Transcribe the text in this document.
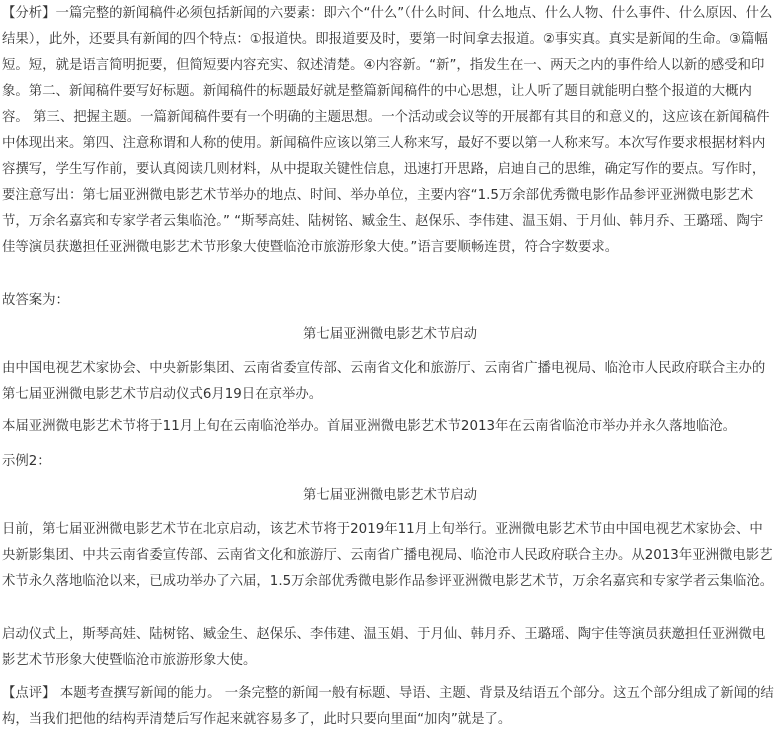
【分析】一篇完整的新闻稿件必须包括新闻的六要素：即六个“什么”（什么时间、什么地点、什么人物、什么事件、什么原因、什么结果），此外，还要具有新闻的四个特点：①报道快。即报道要及时，要第一时间拿去报道。②事实真。真实是新闻的生命。③篇幅短。短，就是语言简明扼要，但简短要内容充实、叙述清楚。④内容新。“新”，指发生在一、两天之内的事件给人以新的感受和印象。第二、新闻稿件要写好标题。新闻稿件的标题最好就是整篇新闻稿件的中心思想，让人听了题目就能明白整个报道的大概内容。 第三、把握主题。一篇新闻稿件要有一个明确的主题思想。一个活动或会议等的开展都有其目的和意义的，这应该在新闻稿件中体现出来。第四、注意称谓和人称的使用。新闻稿件应该以第三人称来写，最好不要以第一人称来写。本次写作要求根据材料内容撰写，学生写作前，要认真阅读几则材料，从中提取关键性信息，迅速打开思路，启迪自己的思维，确定写作的要点。写作时，要注意写出：第七届亚洲微电影艺术节举办的地点、时间、举办单位，主要内容“1.5万余部优秀微电影作品参评亚洲微电影艺术节，万余名嘉宾和专家学者云集临沧。” “斯琴高娃、陆树铭、臧金生、赵保乐、李伟建、温玉娟、于月仙、韩月乔、王璐瑶、陶宇佳等演员获邀担任亚洲微电影艺术节形象大使暨临沧市旅游形象大使。”语言要顺畅连贯，符合字数要求。

故答案为：

第七届亚洲微电影艺术节启动

由中国电视艺术家协会、中央新影集团、云南省委宣传部、云南省文化和旅游厅、云南省广播电视局、临沧市人民政府联合主办的第七届亚洲微电影艺术节启动仪式6月19日在京举办。

本届亚洲微电影艺术节将于11月上旬在云南临沧举办。首届亚洲微电影艺术节2013年在云南省临沧市举办并永久落地临沧。

示例2：

第七届亚洲微电影艺术节启动

日前，第七届亚洲微电影艺术节在北京启动，该艺术节将于2019年11月上旬举行。亚洲微电影艺术节由中国电视艺术家协会、中央新影集团、中共云南省委宣传部、云南省文化和旅游厅、云南省广播电视局、临沧市人民政府联合主办。从2013年亚洲微电影艺术节永久落地临沧以来，已成功举办了六届，1.5万余部优秀微电影作品参评亚洲微电影艺术节，万余名嘉宾和专家学者云集临沧。

启动仪式上，斯琴高娃、陆树铭、臧金生、赵保乐、李伟建、温玉娟、于月仙、韩月乔、王璐瑶、陶宇佳等演员获邀担任亚洲微电影艺术节形象大使暨临沧市旅游形象大使。

【点评】 本题考查撰写新闻的能力。 一条完整的新闻一般有标题、导语、主题、背景及结语五个部分。这五个部分组成了新闻的结构，当我们把他的结构弄清楚后写作起来就容易多了，此时只要向里面“加肉”就是了。
